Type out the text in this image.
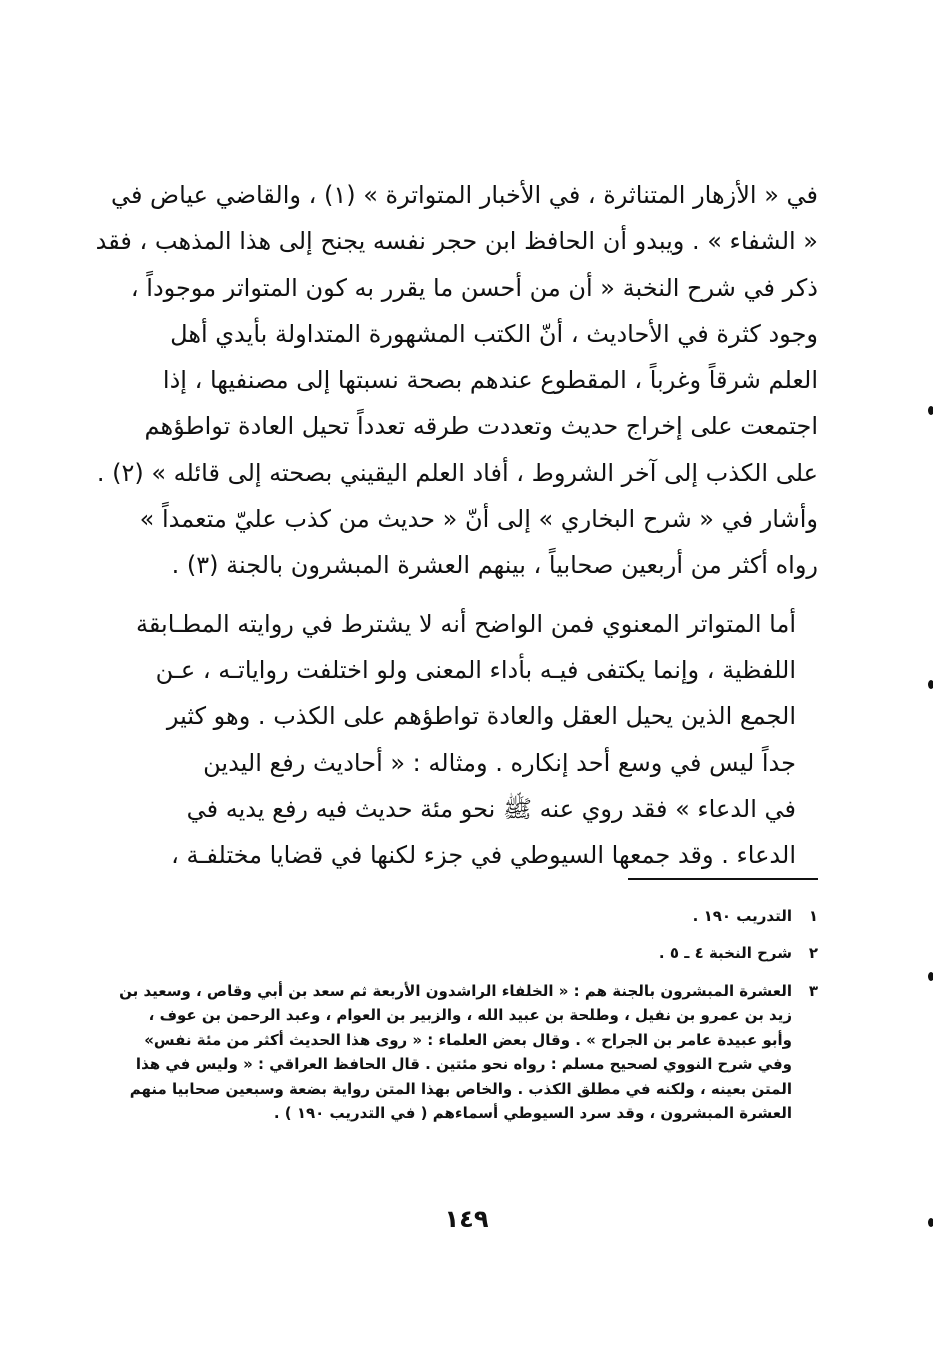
في « الأزهار المتناثرة ، في الأخبار المتواترة » (١) ، والقاضي عياض في
« الشفاء » . ويبدو أن الحافظ ابن حجر نفسه يجنح إلى هذا المذهب ، فقد
ذكر في شرح النخبة « أن من أحسن ما يقرر به كون المتواتر موجوداً ،
وجود كثرة في الأحاديث ، أنّ الكتب المشهورة المتداولة بأيدي أهل
العلم شرقاً وغرباً ، المقطوع عندهم بصحة نسبتها إلى مصنفيها ، إذا
اجتمعت على إخراج حديث وتعددت طرقه تعدداً تحيل العادة تواطؤهم
على الكذب إلى آخر الشروط ، أفاد العلم اليقيني بصحته إلى قائله » (٢) .
وأشار في « شرح البخاري » إلى أنّ « حديث من كذب عليّ متعمداً »
رواه أكثر من أربعين صحابياً ، بينهم العشرة المبشرون بالجنة (٣) .

أما المتواتر المعنوي فمن الواضح أنه لا يشترط في روايته المطـابقة
اللفظية ، وإنما يكتفى فيـه بأداء المعنى ولو اختلفت رواياتـه ، عـن
الجمع الذين يحيل العقل والعادة تواطؤهم على الكذب . وهو كثير
جداً ليس في وسع أحد إنكاره . ومثاله : « أحاديث رفع اليدين
في الدعاء » فقد روي عنه ﷺ نحو مئة حديث فيه رفع يديه في
الدعاء . وقد جمعها السيوطي في جزء لكنها في قضايا مختلفـة ،

١
التدريب ١٩٠ .
٢
شرح النخبة ٤ ـ ٥ .
٣
العشرة المبشرون بالجنة هم : « الخلفاء الراشدون الأربعة ثم سعد بن أبي وقاص ، وسعيد بن
زيد بن عمرو بن نفيل ، وطلحة بن عبيد الله ، والزبير بن العوام ، وعبد الرحمن بن عوف ،
وأبو عبيدة عامر بن الجراح » . وقال بعض العلماء : « روى هذا الحديث أكثر من مئة نفس»
وفي شرح النووي لصحيح مسلم : رواه نحو مئتين . قال الحافظ العراقي : « وليس في هذا
المتن بعينه ، ولكنه في مطلق الكذب . والخاص بهذا المتن رواية بضعة وسبعين صحابيا منهم
العشرة المبشرون ، وقد سرد السيوطي أسماءهم ( في التدريب ١٩٠ ) .
١٤٩
